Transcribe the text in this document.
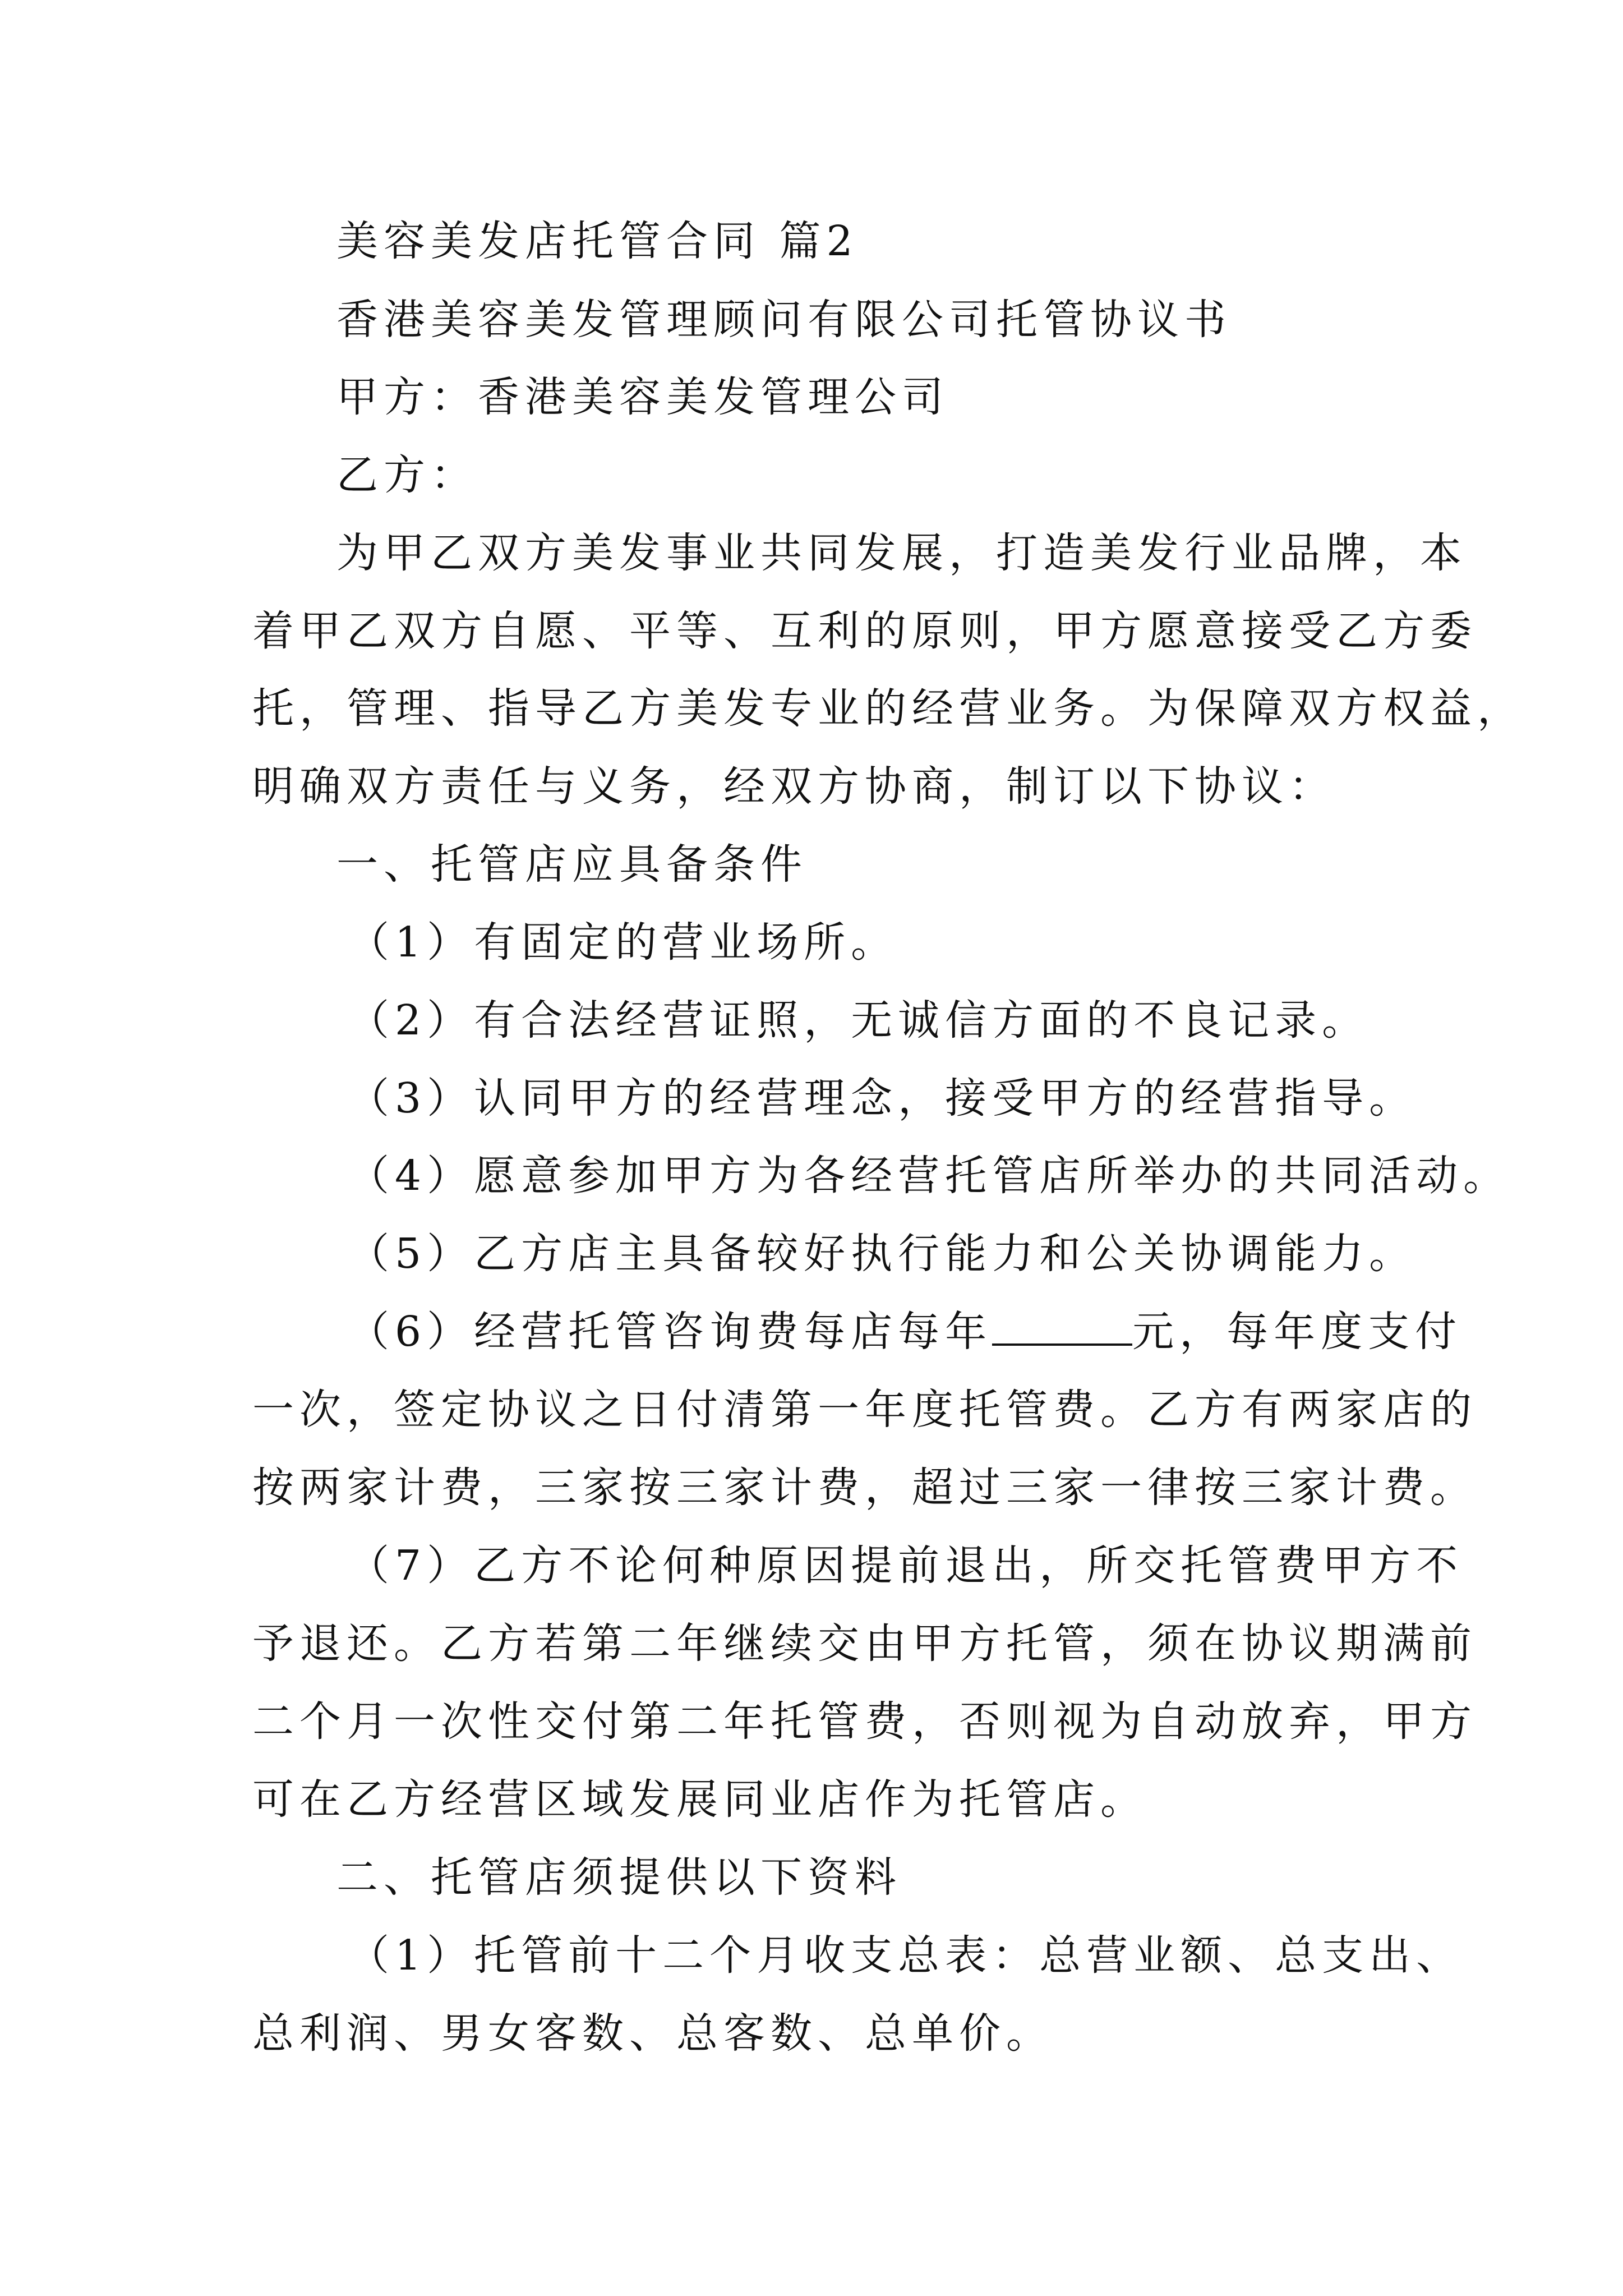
美容美发店托管合同 篇2
香港美容美发管理顾问有限公司托管协议书
甲方：香港美容美发管理公司
乙方：
为甲乙双方美发事业共同发展，打造美发行业品牌，本
着甲乙双方自愿、平等、互利的原则，甲方愿意接受乙方委
托，管理、指导乙方美发专业的经营业务。为保障双方权益，
明确双方责任与义务，经双方协商，制订以下协议：
一、托管店应具备条件
（1）有固定的营业场所。
（2）有合法经营证照，无诚信方面的不良记录。
（3）认同甲方的经营理念，接受甲方的经营指导。
（4）愿意参加甲方为各经营托管店所举办的共同活动。
（5）乙方店主具备较好执行能力和公关协调能力。
（6）经营托管咨询费每店每年	元，每年度支付
一次，签定协议之日付清第一年度托管费。乙方有两家店的
按两家计费，三家按三家计费，超过三家一律按三家计费。
（7）乙方不论何种原因提前退出，所交托管费甲方不
予退还。乙方若第二年继续交由甲方托管，须在协议期满前
二个月一次性交付第二年托管费，否则视为自动放弃，甲方
可在乙方经营区域发展同业店作为托管店。
二、托管店须提供以下资料
（1）托管前十二个月收支总表：总营业额、总支出、
总利润、男女客数、总客数、总单价。
